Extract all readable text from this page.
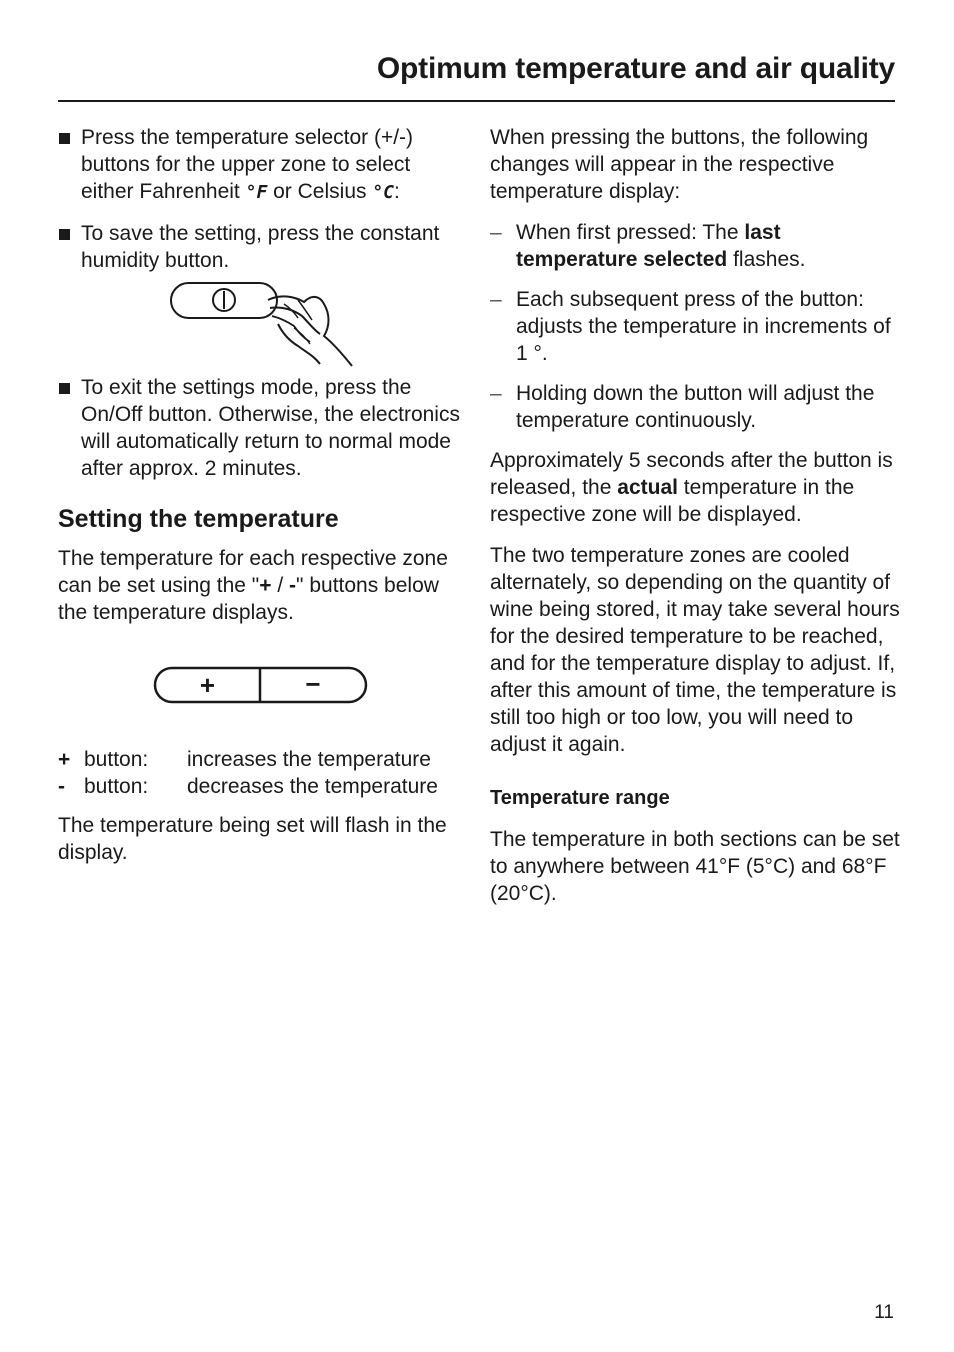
Optimum temperature and air quality
Press the temperature selector (+/-) buttons for the upper zone to select either Fahrenheit °F or Celsius °C:
To save the setting, press the constant humidity button.
To exit the settings mode, press the On/Off button. Otherwise, the electronics will automatically return to normal mode after approx. 2 minutes.
Setting the temperature

The temperature for each respective zone can be set using the "+ / -" buttons below the temperature displays.

+	−
+ button:	increases the temperature
- button:	decreases the temperature

The temperature being set will flash in the display.

When pressing the buttons, the following changes will appear in the respective temperature display:

– When first pressed: The last temperature selected flashes.
– Each subsequent press of the button: adjusts the temperature in increments of 1 °.
– Holding down the button will adjust the temperature continuously.

Approximately 5 seconds after the button is released, the actual temperature in the respective zone will be displayed.

The two temperature zones are cooled alternately, so depending on the quantity of wine being stored, it may take several hours for the desired temperature to be reached, and for the temperature display to adjust. If, after this amount of time, the temperature is still too high or too low, you will need to adjust it again.

Temperature range

The temperature in both sections can be set to anywhere between 41°F (5°C) and 68°F (20°C).

11
